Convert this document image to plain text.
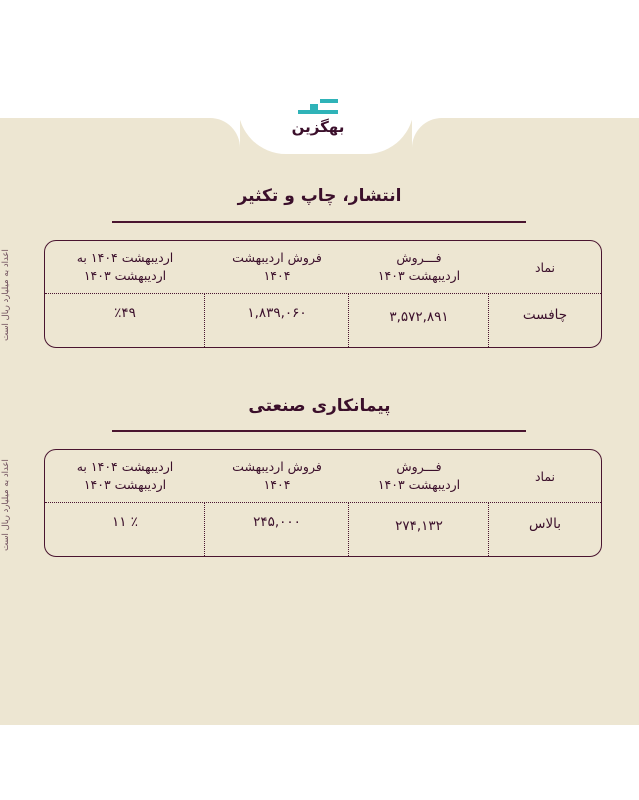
بهگزین
انتشار، چاپ و تکثیر
اعداد به میلیارد ریال است	نماد
فـــروش
اردیبهشت ۱۴۰۳
فروش اردیبهشت
۱۴۰۴
اردیبهشت ۱۴۰۴ به
اردیبهشت ۱۴۰۳
چافست
۳,۵۷۲,۸۹۱
۱,۸۳۹,۰۶۰
٪۴۹
پیمانکاری صنعتی
اعداد به میلیارد ریال است	نماد
فـــروش
اردیبهشت ۱۴۰۳
فروش اردیبهشت
۱۴۰۴
اردیبهشت ۱۴۰۴ به
اردیبهشت ۱۴۰۳
بالاس
۲۷۴,۱۳۲
۲۴۵,۰۰۰
٪ ۱۱
